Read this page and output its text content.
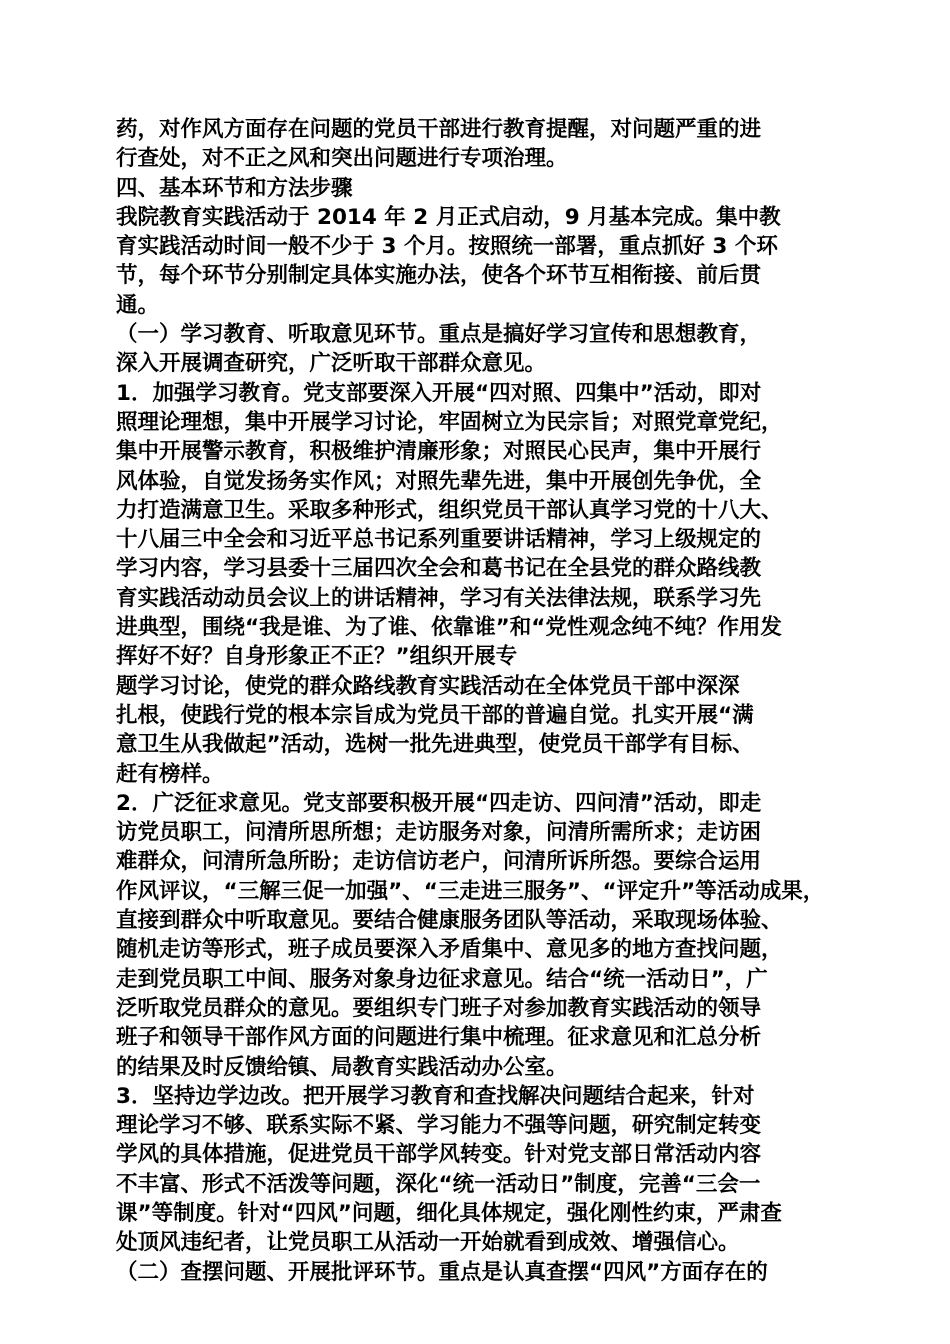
药，对作风方面存在问题的党员干部进行教育提醒，对问题严重的进

行查处，对不正之风和突出问题进行专项治理。

四、基本环节和方法步骤

我院教育实践活动于 2014 年 2 月正式启动，9 月基本完成。集中教

育实践活动时间一般不少于 3 个月。按照统一部署，重点抓好 3 个环

节，每个环节分别制定具体实施办法，使各个环节互相衔接、前后贯

通。

（一）学习教育、听取意见环节。重点是搞好学习宣传和思想教育，

深入开展调查研究，广泛听取干部群众意见。

1．加强学习教育。党支部要深入开展“四对照、四集中”活动，即对

照理论理想，集中开展学习讨论，牢固树立为民宗旨；对照党章党纪，

集中开展警示教育，积极维护清廉形象；对照民心民声，集中开展行

风体验，自觉发扬务实作风；对照先辈先进，集中开展创先争优，全

力打造满意卫生。采取多种形式，组织党员干部认真学习党的十八大、

十八届三中全会和习近平总书记系列重要讲话精神，学习上级规定的

学习内容，学习县委十三届四次全会和葛书记在全县党的群众路线教

育实践活动动员会议上的讲话精神，学习有关法律法规，联系学习先

进典型，围绕“我是谁、为了谁、依靠谁”和“党性观念纯不纯？作用发

挥好不好？自身形象正不正？”组织开展专

题学习讨论，使党的群众路线教育实践活动在全体党员干部中深深

扎根，使践行党的根本宗旨成为党员干部的普遍自觉。扎实开展“满

意卫生从我做起”活动，选树一批先进典型，使党员干部学有目标、

赶有榜样。

2．广泛征求意见。党支部要积极开展“四走访、四问清”活动，即走

访党员职工，问清所思所想；走访服务对象，问清所需所求；走访困

难群众，问清所急所盼；走访信访老户，问清所诉所怨。要综合运用

作风评议，“三解三促一加强”、“三走进三服务”、“评定升”等活动成果，

直接到群众中听取意见。要结合健康服务团队等活动，采取现场体验、

随机走访等形式，班子成员要深入矛盾集中、意见多的地方查找问题，

走到党员职工中间、服务对象身边征求意见。结合“统一活动日”，广

泛听取党员群众的意见。要组织专门班子对参加教育实践活动的领导

班子和领导干部作风方面的问题进行集中梳理。征求意见和汇总分析

的结果及时反馈给镇、局教育实践活动办公室。

3．坚持边学边改。把开展学习教育和查找解决问题结合起来，针对

理论学习不够、联系实际不紧、学习能力不强等问题，研究制定转变

学风的具体措施，促进党员干部学风转变。针对党支部日常活动内容

不丰富、形式不活泼等问题，深化“统一活动日”制度，完善“三会一

课”等制度。针对“四风”问题，细化具体规定，强化刚性约束，严肃查

处顶风违纪者，让党员职工从活动一开始就看到成效、增强信心。

（二）查摆问题、开展批评环节。重点是认真查摆“四风”方面存在的
